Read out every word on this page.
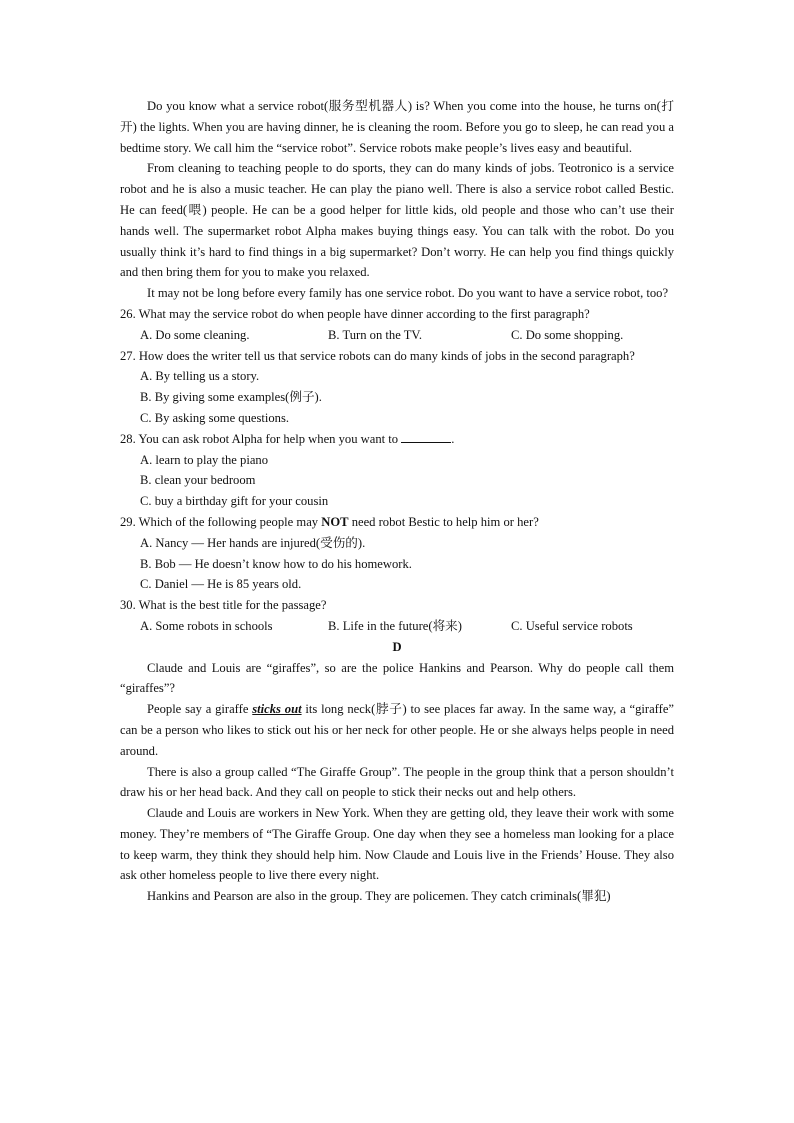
Do you know what a service robot(服务型机器人) is? When you come into the house, he turns on(打开) the lights. When you are having dinner, he is cleaning the room. Before you go to sleep, he can read you a bedtime story. We call him the “service robot”. Service robots make people’s lives easy and beautiful.

From cleaning to teaching people to do sports, they can do many kinds of jobs. Teotronico is a service robot and he is also a music teacher. He can play the piano well. There is also a service robot called Bestic. He can feed(喂) people. He can be a good helper for little kids, old people and those who can’t use their hands well. The supermarket robot Alpha makes buying things easy. You can talk with the robot. Do you usually think it’s hard to find things in a big supermarket? Don’t worry. He can help you find things quickly and then bring them for you to make you relaxed.

It may not be long before every family has one service robot. Do you want to have a service robot, too?

26. What may the service robot do when people have dinner according to the first paragraph?

A. Do some cleaning.	B. Turn on the TV.	C. Do some shopping.

27. How does the writer tell us that service robots can do many kinds of jobs in the second paragraph?

A. By telling us a story.

B. By giving some examples(例子).

C. By asking some questions.

28. You can ask robot Alpha for help when you want to	.

A. learn to play the piano

B. clean your bedroom

C. buy a birthday gift for your cousin

29. Which of the following people may NOT need robot Bestic to help him or her?

A. Nancy — Her hands are injured(受伤的).

B. Bob — He doesn’t know how to do his homework.

C. Daniel — He is 85 years old.

30. What is the best title for the passage?

A. Some robots in schools	B. Life in the future(将来)	C. Useful service robots

D

Claude and Louis are “giraffes”, so are the police Hankins and Pearson. Why do people call them “giraffes”?

People say a giraffe sticks out its long neck(脖子) to see places far away. In the same way, a “giraffe” can be a person who likes to stick out his or her neck for other people. He or she always helps people in need around.

There is also a group called “The Giraffe Group”. The people in the group think that a person shouldn’t draw his or her head back. And they call on people to stick their necks out and help others.

Claude and Louis are workers in New York. When they are getting old, they leave their work with some money. They’re members of “The Giraffe Group. One day when they see a homeless man looking for a place to keep warm, they think they should help him. Now Claude and Louis live in the Friends’ House. They also ask other homeless people to live there every night.

Hankins and Pearson are also in the group. They are policemen. They catch criminals(罪犯)
